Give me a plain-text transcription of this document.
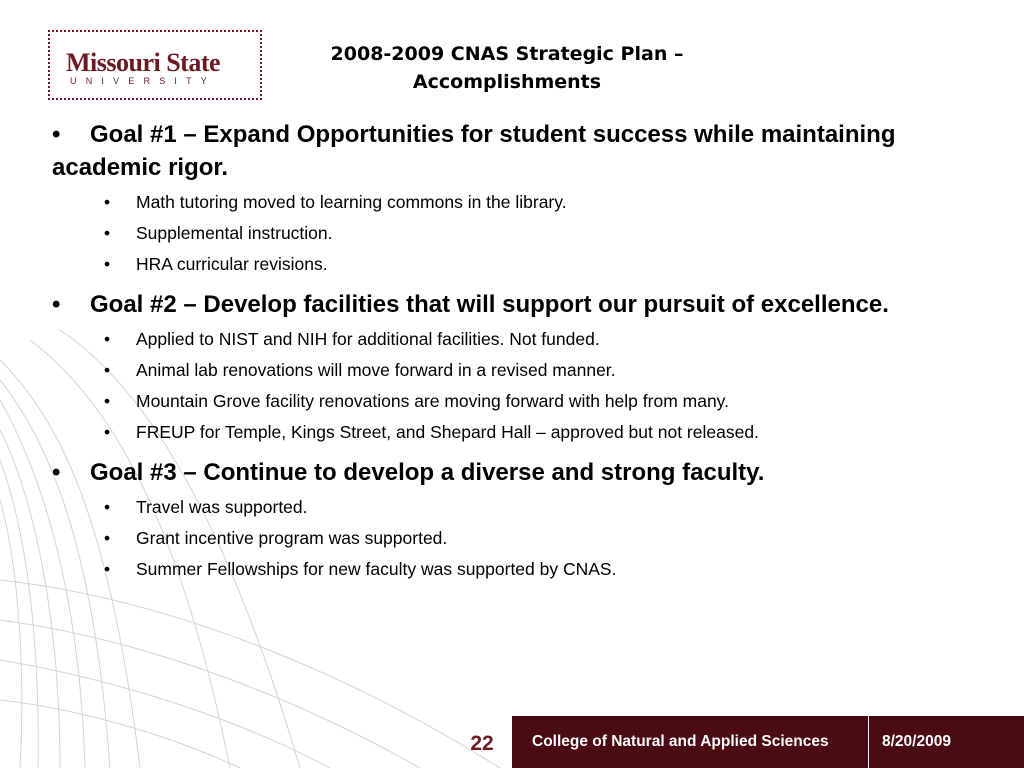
Missouri State
UNIVERSITY
2008-2009 CNAS Strategic Plan –
Accomplishments

• Goal #1 – Expand Opportunities for student success while maintaining academic rigor.

• Math tutoring moved to learning commons in the library.
• Supplemental instruction.
• HRA curricular revisions.

• Goal #2 – Develop facilities that will support our pursuit of excellence.

• Applied to NIST and NIH for additional facilities. Not funded.
• Animal lab renovations will move forward in a revised manner.
• Mountain Grove facility renovations are moving forward with help from many.
• FREUP for Temple, Kings Street, and Shepard Hall – approved but not released.

• Goal #3 – Continue to develop a diverse and strong faculty.

• Travel was supported.
• Grant incentive program was supported.
• Summer Fellowships for new faculty was supported by CNAS.
22	College of Natural and Applied Sciences	8/20/2009
